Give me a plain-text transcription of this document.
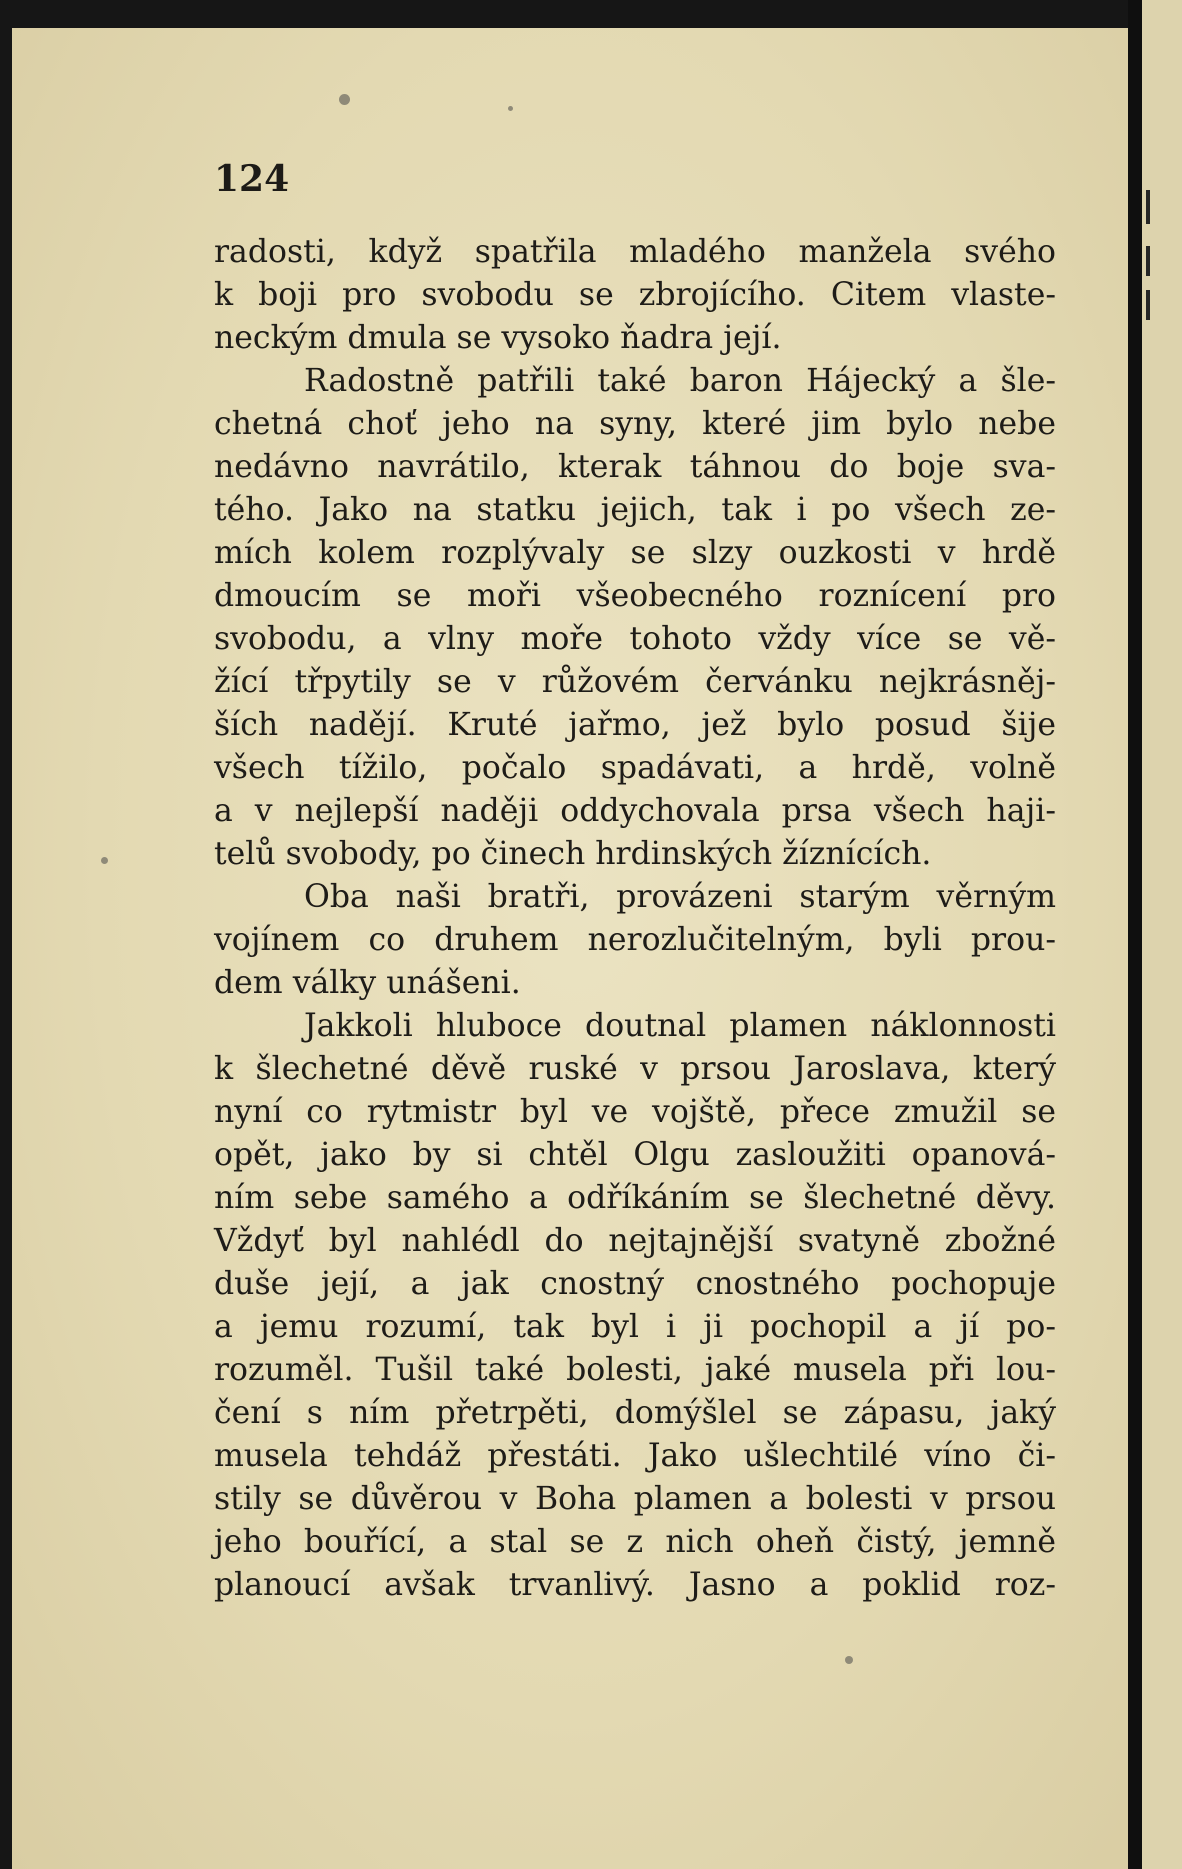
124
radosti, když spatřila mladého manžela svého
k boji pro svobodu se zbrojícího. Citem vlaste-
neckým dmula se vysoko ňadra její.
Radostně patřili také baron Hájecký a šle-
chetná choť jeho na syny, které jim bylo nebe
nedávno navrátilo, kterak táhnou do boje sva-
tého. Jako na statku jejich, tak i po všech ze-
mích kolem rozplývaly se slzy ouzkosti v hrdě
dmoucím se moři všeobecného roznícení pro
svobodu, a vlny moře tohoto vždy více se vě-
žící třpytily se v růžovém červánku nejkrásněj-
ších nadějí. Kruté jařmo, jež bylo posud šije
všech tížilo, počalo spadávati, a hrdě, volně
a v nejlepší naději oddychovala prsa všech haji-
telů svobody, po činech hrdinských žíznících.
Oba naši bratři, provázeni starým věrným
vojínem co druhem nerozlučitelným, byli prou-
dem války unášeni.
Jakkoli hluboce doutnal plamen náklonnosti
k šlechetné děvě ruské v prsou Jaroslava, který
nyní co rytmistr byl ve vojště, přece zmužil se
opět, jako by si chtěl Olgu zasloužiti opanová-
ním sebe samého a odříkáním se šlechetné děvy.
Vždyť byl nahlédl do nejtajnější svatyně zbožné
duše její, a jak cnostný cnostného pochopuje
a jemu rozumí, tak byl i ji pochopil a jí po-
rozuměl. Tušil také bolesti, jaké musela při lou-
čení s ním přetrpěti, domýšlel se zápasu, jaký
musela tehdáž přestáti. Jako ušlechtilé víno či-
stily se důvěrou v Boha plamen a bolesti v prsou
jeho bouřící, a stal se z nich oheň čistý, jemně
planoucí avšak trvanlivý. Jasno a poklid roz-
